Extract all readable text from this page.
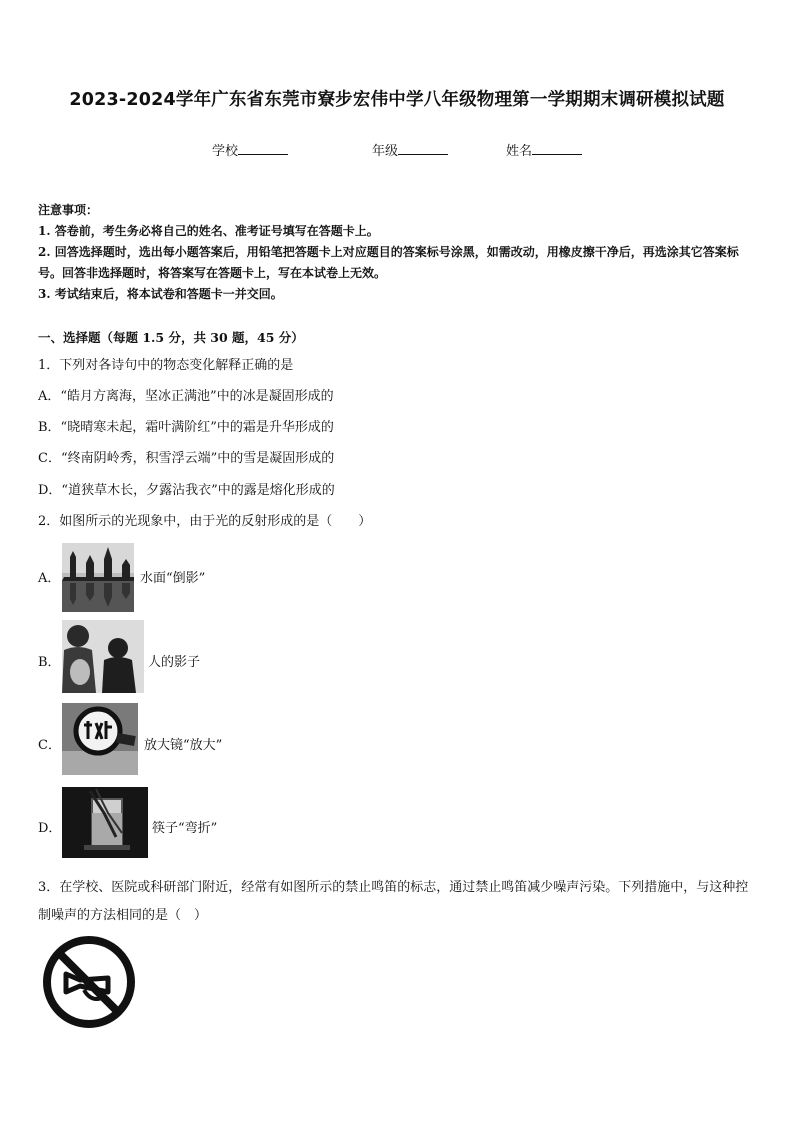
2023-2024学年广东省东莞市寮步宏伟中学八年级物理第一学期期末调研模拟试题
学校	年级	姓名
注意事项：
1. 答卷前，考生务必将自己的姓名、准考证号填写在答题卡上。
2. 回答选择题时，选出每小题答案后，用铅笔把答题卡上对应题目的答案标号涂黑，如需改动，用橡皮擦干净后，再选涂其它答案标号。回答非选择题时，将答案写在答题卡上，写在本试卷上无效。
3. 考试结束后，将本试卷和答题卡一并交回。
一、选择题（每题 1.5 分，共 30 题，45 分）
1．下列对各诗句中的物态变化解释正确的是
A．“皓月方离海，坚冰正满池”中的冰是凝固形成的
B．“晓晴寒未起，霜叶满阶红”中的霜是升华形成的
C．“终南阴岭秀，积雪浮云端”中的雪是凝固形成的
D．“道狭草木长，夕露沾我衣”中的露是熔化形成的
2．如图所示的光现象中，由于光的反射形成的是（　　）
A．	水面“倒影”
B．	人的影子
C．	放大镜“放大”
D．	筷子“弯折”
3．在学校、医院或科研部门附近，经常有如图所示的禁止鸣笛的标志，通过禁止鸣笛减少噪声污染。下列措施中，与这种控制噪声的方法相同的是（　）
